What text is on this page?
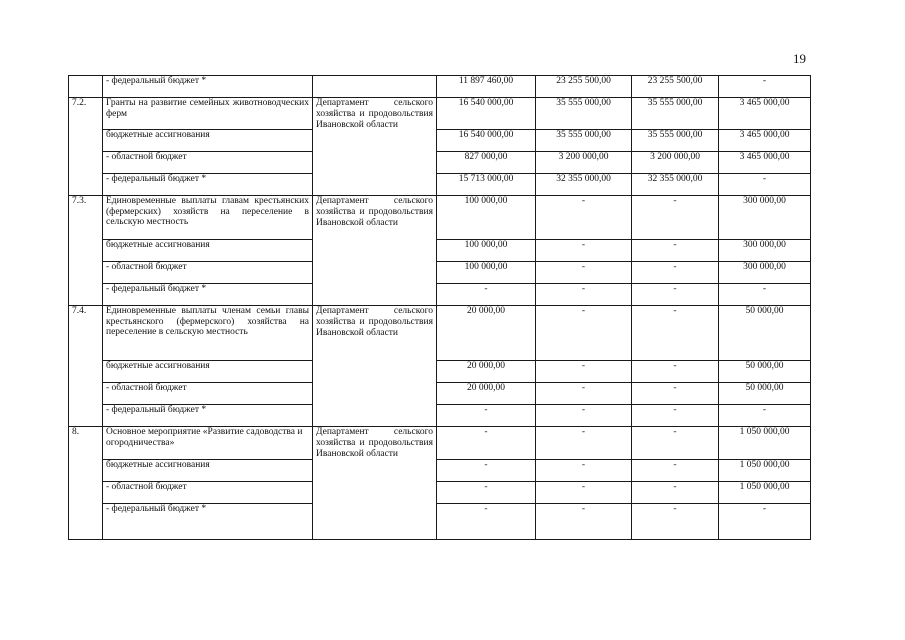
19
	- федеральный бюджет *		11 897 460,00	23 255 500,00	23 255 500,00	-
7.2.	Гранты на развитие семейных животноводческих ферм	Департамент сельского хозяйства и продовольствия Ивановской области	16 540 000,00	35 555 000,00	35 555 000,00	3 465 000,00
	бюджетные ассигнования		16 540 000,00	35 555 000,00	35 555 000,00	3 465 000,00
	- областной бюджет		827 000,00	3 200 000,00	3 200 000,00	3 465 000,00
	- федеральный бюджет *		15 713 000,00	32 355 000,00	32 355 000,00	-
7.3.	Единовременные выплаты главам крестьянских (фермерских) хозяйств на переселение в сельскую местность	Департамент сельского хозяйства и продовольствия Ивановской области	100 000,00	-	-	300 000,00
	бюджетные ассигнования		100 000,00	-	-	300 000,00
	- областной бюджет		100 000,00	-	-	300 000,00
	- федеральный бюджет *		-	-	-	-
7.4.	Единовременные выплаты членам семьи главы крестьянского (фермерского) хозяйства на переселение в сельскую местность	Департамент сельского хозяйства и продовольствия Ивановской области	20 000,00	-	-	50 000,00
	бюджетные ассигнования		20 000,00	-	-	50 000,00
	- областной бюджет		20 000,00	-	-	50 000,00
	- федеральный бюджет *		-	-	-	-
8.	Основное мероприятие «Развитие садоводства и огородничества»	Департамент сельского хозяйства и продовольствия Ивановской области	-	-	-	1 050 000,00
	бюджетные ассигнования		-	-	-	1 050 000,00
	- областной бюджет		-	-	-	1 050 000,00
	- федеральный бюджет *		-	-	-	-
